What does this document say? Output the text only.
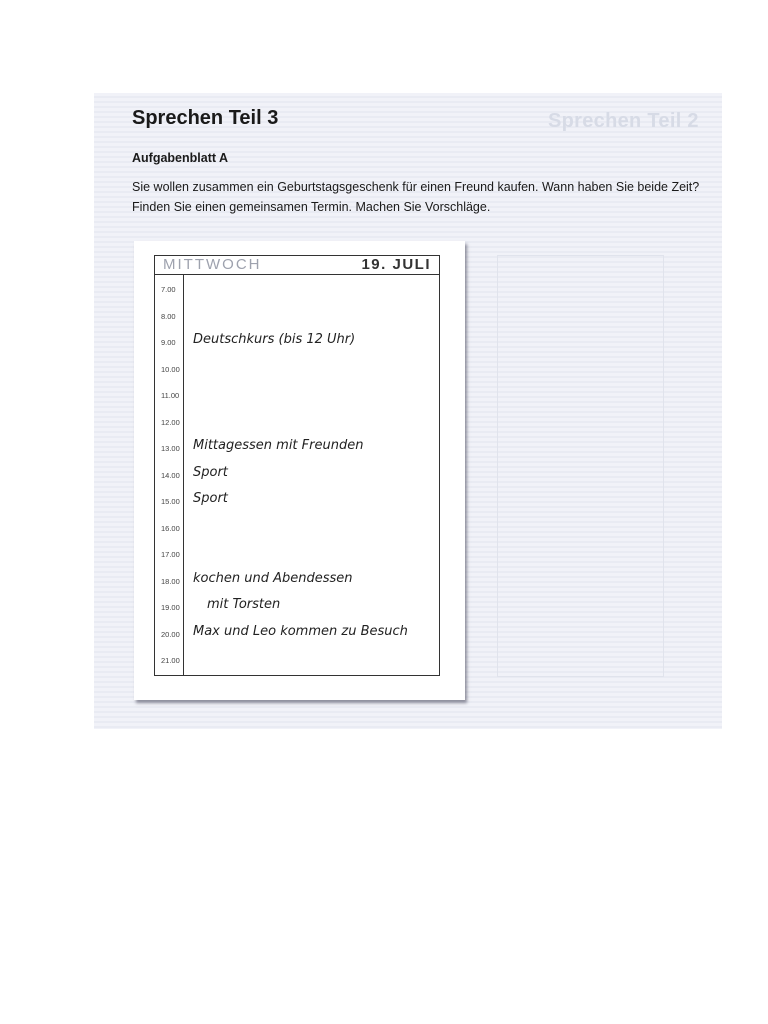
Sprechen Teil 2
Sprechen Teil 3
Aufgabenblatt A
Sie wollen zusammen ein Geburtstagsgeschenk für einen Freund kaufen. Wann haben Sie beide Zeit?
Finden Sie einen gemeinsamen Termin. Machen Sie Vorschläge.
MITTWOCH	19. JULI
7.00
8.00
9.00 Deutschkurs (bis 12 Uhr)
10.00
11.00
12.00
13.00 Mittagessen mit Freunden
14.00 Sport
15.00 Sport
16.00
17.00
18.00 kochen und Abendessen
19.00 mit Torsten
20.00 Max und Leo kommen zu Besuch
21.00
